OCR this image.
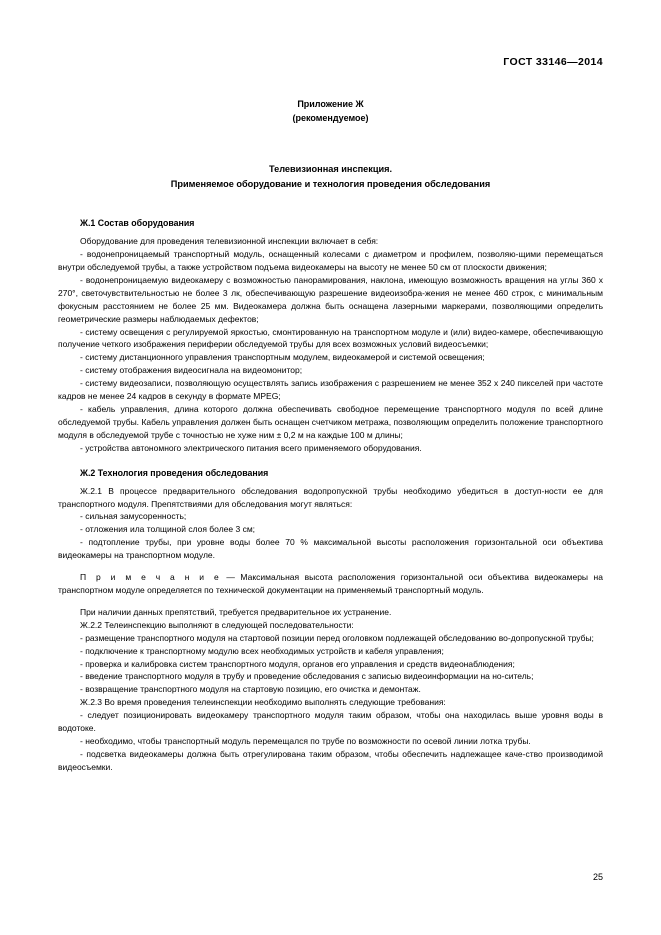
ГОСТ 33146—2014
Приложение Ж
(рекомендуемое)
Телевизионная инспекция.
Применяемое оборудование и технология проведения обследования
Ж.1 Состав оборудования

Оборудование для проведения телевизионной инспекции включает в себя:

- водонепроницаемый транспортный модуль, оснащенный колесами с диаметром и профилем, позволяю-щими перемещаться внутри обследуемой трубы, а также устройством подъема видеокамеры на высоту не менее 50 см от плоскости движения;

- водонепроницаемую видеокамеру с возможностью панорамирования, наклона, имеющую возможность вращения на углы 360 х 270°, светочувствительностью не более 3 лк, обеспечивающую разрешение видеоизобра-жения не менее 460 строк, с минимальным фокусным расстоянием не более 25 мм. Видеокамера должна быть оснащена лазерными маркерами, позволяющими определить геометрические размеры наблюдаемых дефектов;

- систему освещения с регулируемой яркостью, смонтированную на транспортном модуле и (или) видео-камере, обеспечивающую получение четкого изображения периферии обследуемой трубы для всех возможных условий видеосъемки;

- систему дистанционного управления транспортным модулем, видеокамерой и системой освещения;

- систему отображения видеосигнала на видеомонитор;

- систему видеозаписи, позволяющую осуществлять запись изображения с разрешением не менее 352 х 240 пикселей при частоте кадров не менее 24 кадров в секунду в формате MPEG;

- кабель управления, длина которого должна обеспечивать свободное перемещение транспортного модуля по всей длине обследуемой трубы. Кабель управления должен быть оснащен счетчиком метража, позволяющим определить положение транспортного модуля в обследуемой трубе с точностью не хуже ним ± 0,2 м на каждые 100 м длины;

- устройства автономного электрического питания всего применяемого оборудования.

Ж.2 Технология проведения обследования

Ж.2.1 В процессе предварительного обследования водопропускной трубы необходимо убедиться в доступ-ности ее для транспортного модуля. Препятствиями для обследования могут являться:

- сильная замусоренность;

- отложения ила толщиной слоя более 3 см;

- подтопление трубы, при уровне воды более 70 % максимальной высоты расположения горизонтальной оси объектива видеокамеры на транспортном модуле.

П р и м е ч а н и е — Максимальная высота расположения горизонтальной оси объектива видеокамеры на транспортном модуле определяется по технической документации на применяемый транспортный модуль.

При наличии данных препятствий, требуется предварительное их устранение.

Ж.2.2 Телеинспекцию выполняют в следующей последовательности:

- размещение транспортного модуля на стартовой позиции перед оголовком подлежащей обследованию во-допропускной трубы;

- подключение к транспортному модулю всех необходимых устройств и кабеля управления;

- проверка и калибровка систем транспортного модуля, органов его управления и средств видеонаблюдения;

- введение транспортного модуля в трубу и проведение обследования с записью видеоинформации на но-ситель;

- возвращение транспортного модуля на стартовую позицию, его очистка и демонтаж.

Ж.2.3 Во время проведения телеинспекции необходимо выполнять следующие требования:

- следует позиционировать видеокамеру транспортного модуля таким образом, чтобы она находилась выше уровня воды в водотоке.

- необходимо, чтобы транспортный модуль перемещался по трубе по возможности по осевой линии лотка трубы.

- подсветка видеокамеры должна быть отрегулирована таким образом, чтобы обеспечить надлежащее каче-ство производимой видеосъемки.

25
